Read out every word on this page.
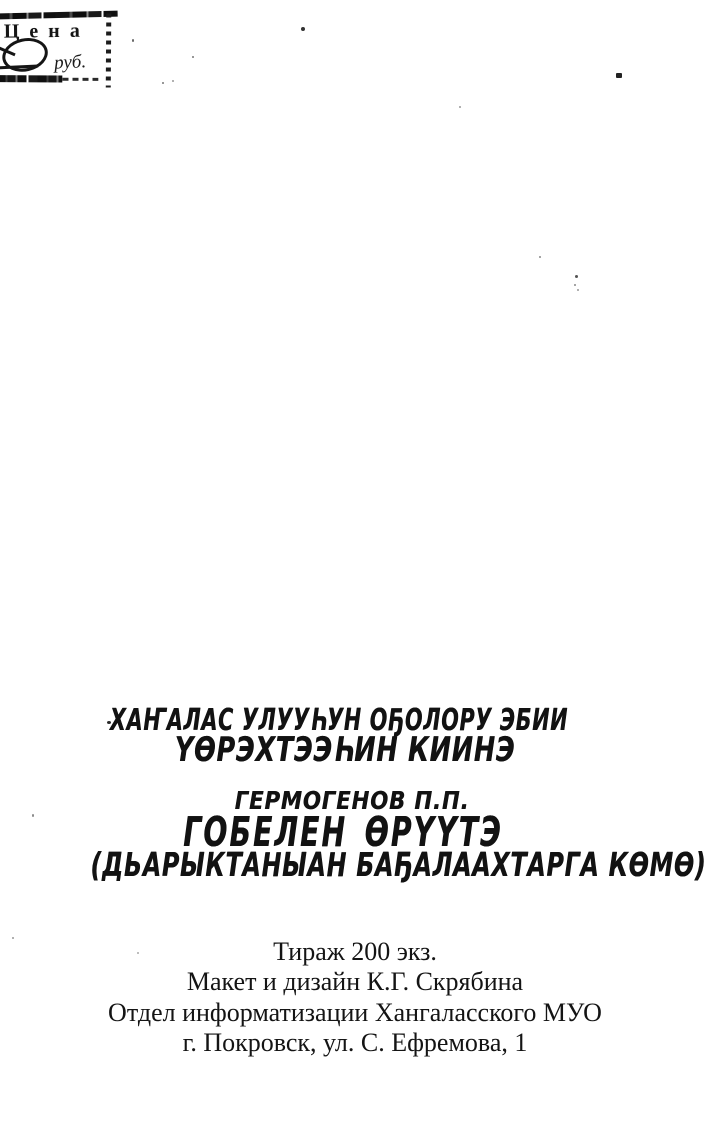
Цена
руб.
ХАҤАЛАС УЛУУҺУН ОҔОЛОРУ ЭБИИ
ҮӨРЭХТЭЭҺИН КИИНЭ
ГЕРМОГЕНОВ П.П.
ГОБЕЛЕН ӨРҮҮТЭ
(ДЬАРЫКТАНЫАН БАҔАЛААХТАРГА КӨМӨ)
Тираж 200 экз.
Макет и дизайн К.Г. Скрябина
Отдел информатизации Хангаласского МУО
г. Покровск, ул. С. Ефремова, 1
